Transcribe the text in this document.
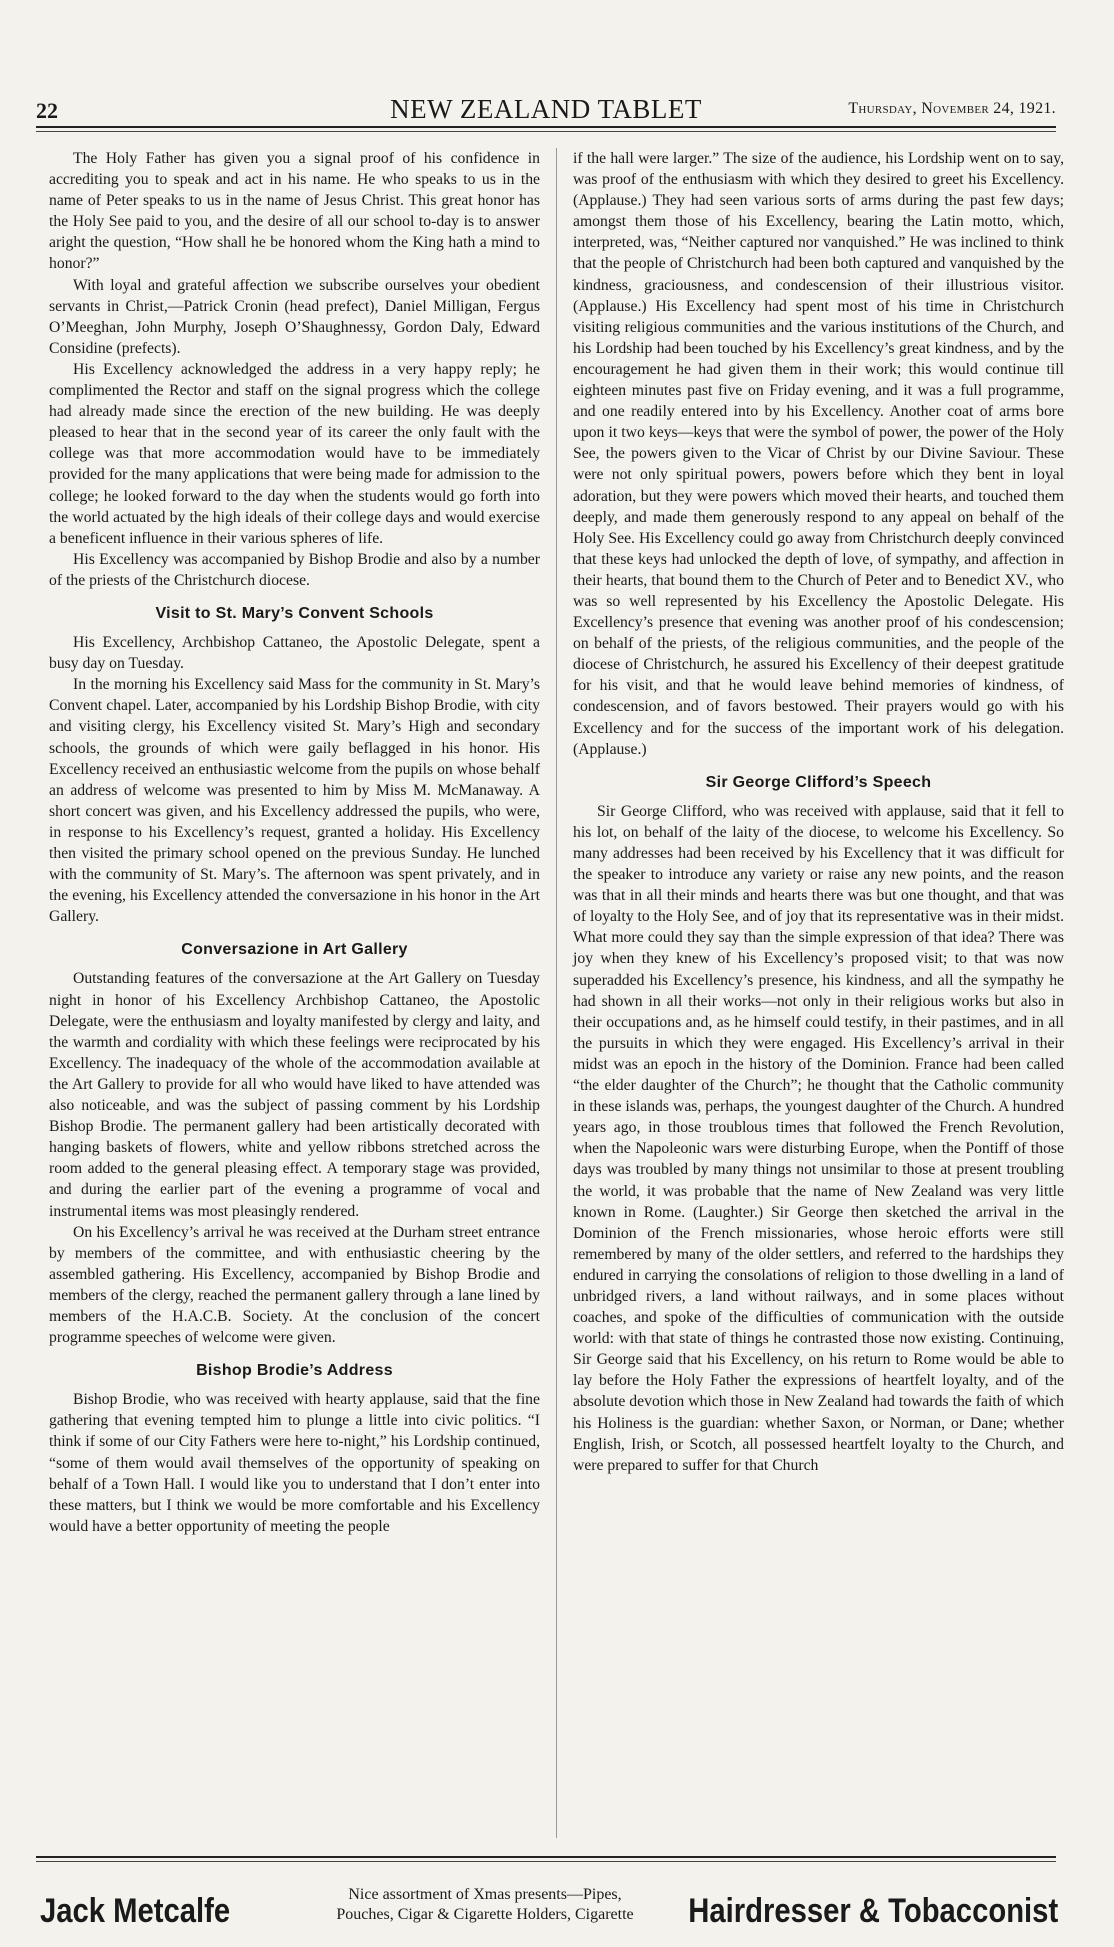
22	NEW ZEALAND TABLET	Thursday, November 24, 1921.

The Holy Father has given you a signal proof of his confidence in accrediting you to speak and act in his name. He who speaks to us in the name of Peter speaks to us in the name of Jesus Christ. This great honor has the Holy See paid to you, and the desire of all our school to-day is to answer aright the question, “How shall he be honored whom the King hath a mind to honor?”

With loyal and grateful affection we subscribe ourselves your obedient servants in Christ,—Patrick Cronin (head prefect), Daniel Milligan, Fergus O’Meeghan, John Murphy, Joseph O’Shaughnessy, Gordon Daly, Edward Considine (prefects).

His Excellency acknowledged the address in a very happy reply; he complimented the Rector and staff on the signal progress which the college had already made since the erection of the new building. He was deeply pleased to hear that in the second year of its career the only fault with the college was that more accommodation would have to be immediately provided for the many applications that were being made for admission to the college; he looked forward to the day when the students would go forth into the world actuated by the high ideals of their college days and would exercise a beneficent influence in their various spheres of life.

His Excellency was accompanied by Bishop Brodie and also by a number of the priests of the Christchurch diocese.

Visit to St. Mary’s Convent Schools

His Excellency, Archbishop Cattaneo, the Apostolic Delegate, spent a busy day on Tuesday.

In the morning his Excellency said Mass for the community in St. Mary’s Convent chapel. Later, accompanied by his Lordship Bishop Brodie, with city and visiting clergy, his Excellency visited St. Mary’s High and secondary schools, the grounds of which were gaily beflagged in his honor. His Excellency received an enthusiastic welcome from the pupils on whose behalf an address of welcome was presented to him by Miss M. McManaway. A short concert was given, and his Excellency addressed the pupils, who were, in response to his Excellency’s request, granted a holiday. His Excellency then visited the primary school opened on the previous Sunday. He lunched with the community of St. Mary’s. The afternoon was spent privately, and in the evening, his Excellency attended the conversazione in his honor in the Art Gallery.

Conversazione in Art Gallery

Outstanding features of the conversazione at the Art Gallery on Tuesday night in honor of his Excellency Archbishop Cattaneo, the Apostolic Delegate, were the enthusiasm and loyalty manifested by clergy and laity, and the warmth and cordiality with which these feelings were reciprocated by his Excellency. The inadequacy of the whole of the accommodation available at the Art Gallery to provide for all who would have liked to have attended was also noticeable, and was the subject of passing comment by his Lordship Bishop Brodie. The permanent gallery had been artistically decorated with hanging baskets of flowers, white and yellow ribbons stretched across the room added to the general pleasing effect. A temporary stage was provided, and during the earlier part of the evening a programme of vocal and instrumental items was most pleasingly rendered.

On his Excellency’s arrival he was received at the Durham street entrance by members of the committee, and with enthusiastic cheering by the assembled gathering. His Excellency, accompanied by Bishop Brodie and members of the clergy, reached the permanent gallery through a lane lined by members of the H.A.C.B. Society. At the conclusion of the concert programme speeches of welcome were given.

Bishop Brodie’s Address

Bishop Brodie, who was received with hearty applause, said that the fine gathering that evening tempted him to plunge a little into civic politics. “I think if some of our City Fathers were here to-night,” his Lordship continued, “some of them would avail themselves of the opportunity of speaking on behalf of a Town Hall. I would like you to understand that I don’t enter into these matters, but I think we would be more comfortable and his Excellency would have a better opportunity of meeting the people

if the hall were larger.” The size of the audience, his Lordship went on to say, was proof of the enthusiasm with which they desired to greet his Excellency. (Applause.) They had seen various sorts of arms during the past few days; amongst them those of his Excellency, bearing the Latin motto, which, interpreted, was, “Neither captured nor vanquished.” He was inclined to think that the people of Christchurch had been both captured and vanquished by the kindness, graciousness, and condescension of their illustrious visitor. (Applause.) His Excellency had spent most of his time in Christchurch visiting religious communities and the various institutions of the Church, and his Lordship had been touched by his Excellency’s great kindness, and by the encouragement he had given them in their work; this would continue till eighteen minutes past five on Friday evening, and it was a full programme, and one readily entered into by his Excellency. Another coat of arms bore upon it two keys—keys that were the symbol of power, the power of the Holy See, the powers given to the Vicar of Christ by our Divine Saviour. These were not only spiritual powers, powers before which they bent in loyal adoration, but they were powers which moved their hearts, and touched them deeply, and made them generously respond to any appeal on behalf of the Holy See. His Excellency could go away from Christchurch deeply convinced that these keys had unlocked the depth of love, of sympathy, and affection in their hearts, that bound them to the Church of Peter and to Benedict XV., who was so well represented by his Excellency the Apostolic Delegate. His Excellency’s presence that evening was another proof of his condescension; on behalf of the priests, of the religious communities, and the people of the diocese of Christchurch, he assured his Excellency of their deepest gratitude for his visit, and that he would leave behind memories of kindness, of condescension, and of favors bestowed. Their prayers would go with his Excellency and for the success of the important work of his delegation. (Applause.)

Sir George Clifford’s Speech

Sir George Clifford, who was received with applause, said that it fell to his lot, on behalf of the laity of the diocese, to welcome his Excellency. So many addresses had been received by his Excellency that it was difficult for the speaker to introduce any variety or raise any new points, and the reason was that in all their minds and hearts there was but one thought, and that was of loyalty to the Holy See, and of joy that its representative was in their midst. What more could they say than the simple expression of that idea? There was joy when they knew of his Excellency’s proposed visit; to that was now superadded his Excellency’s presence, his kindness, and all the sympathy he had shown in all their works—not only in their religious works but also in their occupations and, as he himself could testify, in their pastimes, and in all the pursuits in which they were engaged. His Excellency’s arrival in their midst was an epoch in the history of the Dominion. France had been called “the elder daughter of the Church”; he thought that the Catholic community in these islands was, perhaps, the youngest daughter of the Church. A hundred years ago, in those troublous times that followed the French Revolution, when the Napoleonic wars were disturbing Europe, when the Pontiff of those days was troubled by many things not unsimilar to those at present troubling the world, it was probable that the name of New Zealand was very little known in Rome. (Laughter.) Sir George then sketched the arrival in the Dominion of the French missionaries, whose heroic efforts were still remembered by many of the older settlers, and referred to the hardships they endured in carrying the consolations of religion to those dwelling in a land of unbridged rivers, a land without railways, and in some places without coaches, and spoke of the difficulties of communication with the outside world: with that state of things he contrasted those now existing. Continuing, Sir George said that his Excellency, on his return to Rome would be able to lay before the Holy Father the expressions of heartfelt loyalty, and of the absolute devotion which those in New Zealand had towards the faith of which his Holiness is the guardian: whether Saxon, or Norman, or Dane; whether English, Irish, or Scotch, all possessed heartfelt loyalty to the Church, and were prepared to suffer for that Church

Jack Metcalfe	Nice assortment of Xmas presents—Pipes,
Pouches, Cigar & Cigarette Holders, Cigarette	Hairdresser & Tobacconist
